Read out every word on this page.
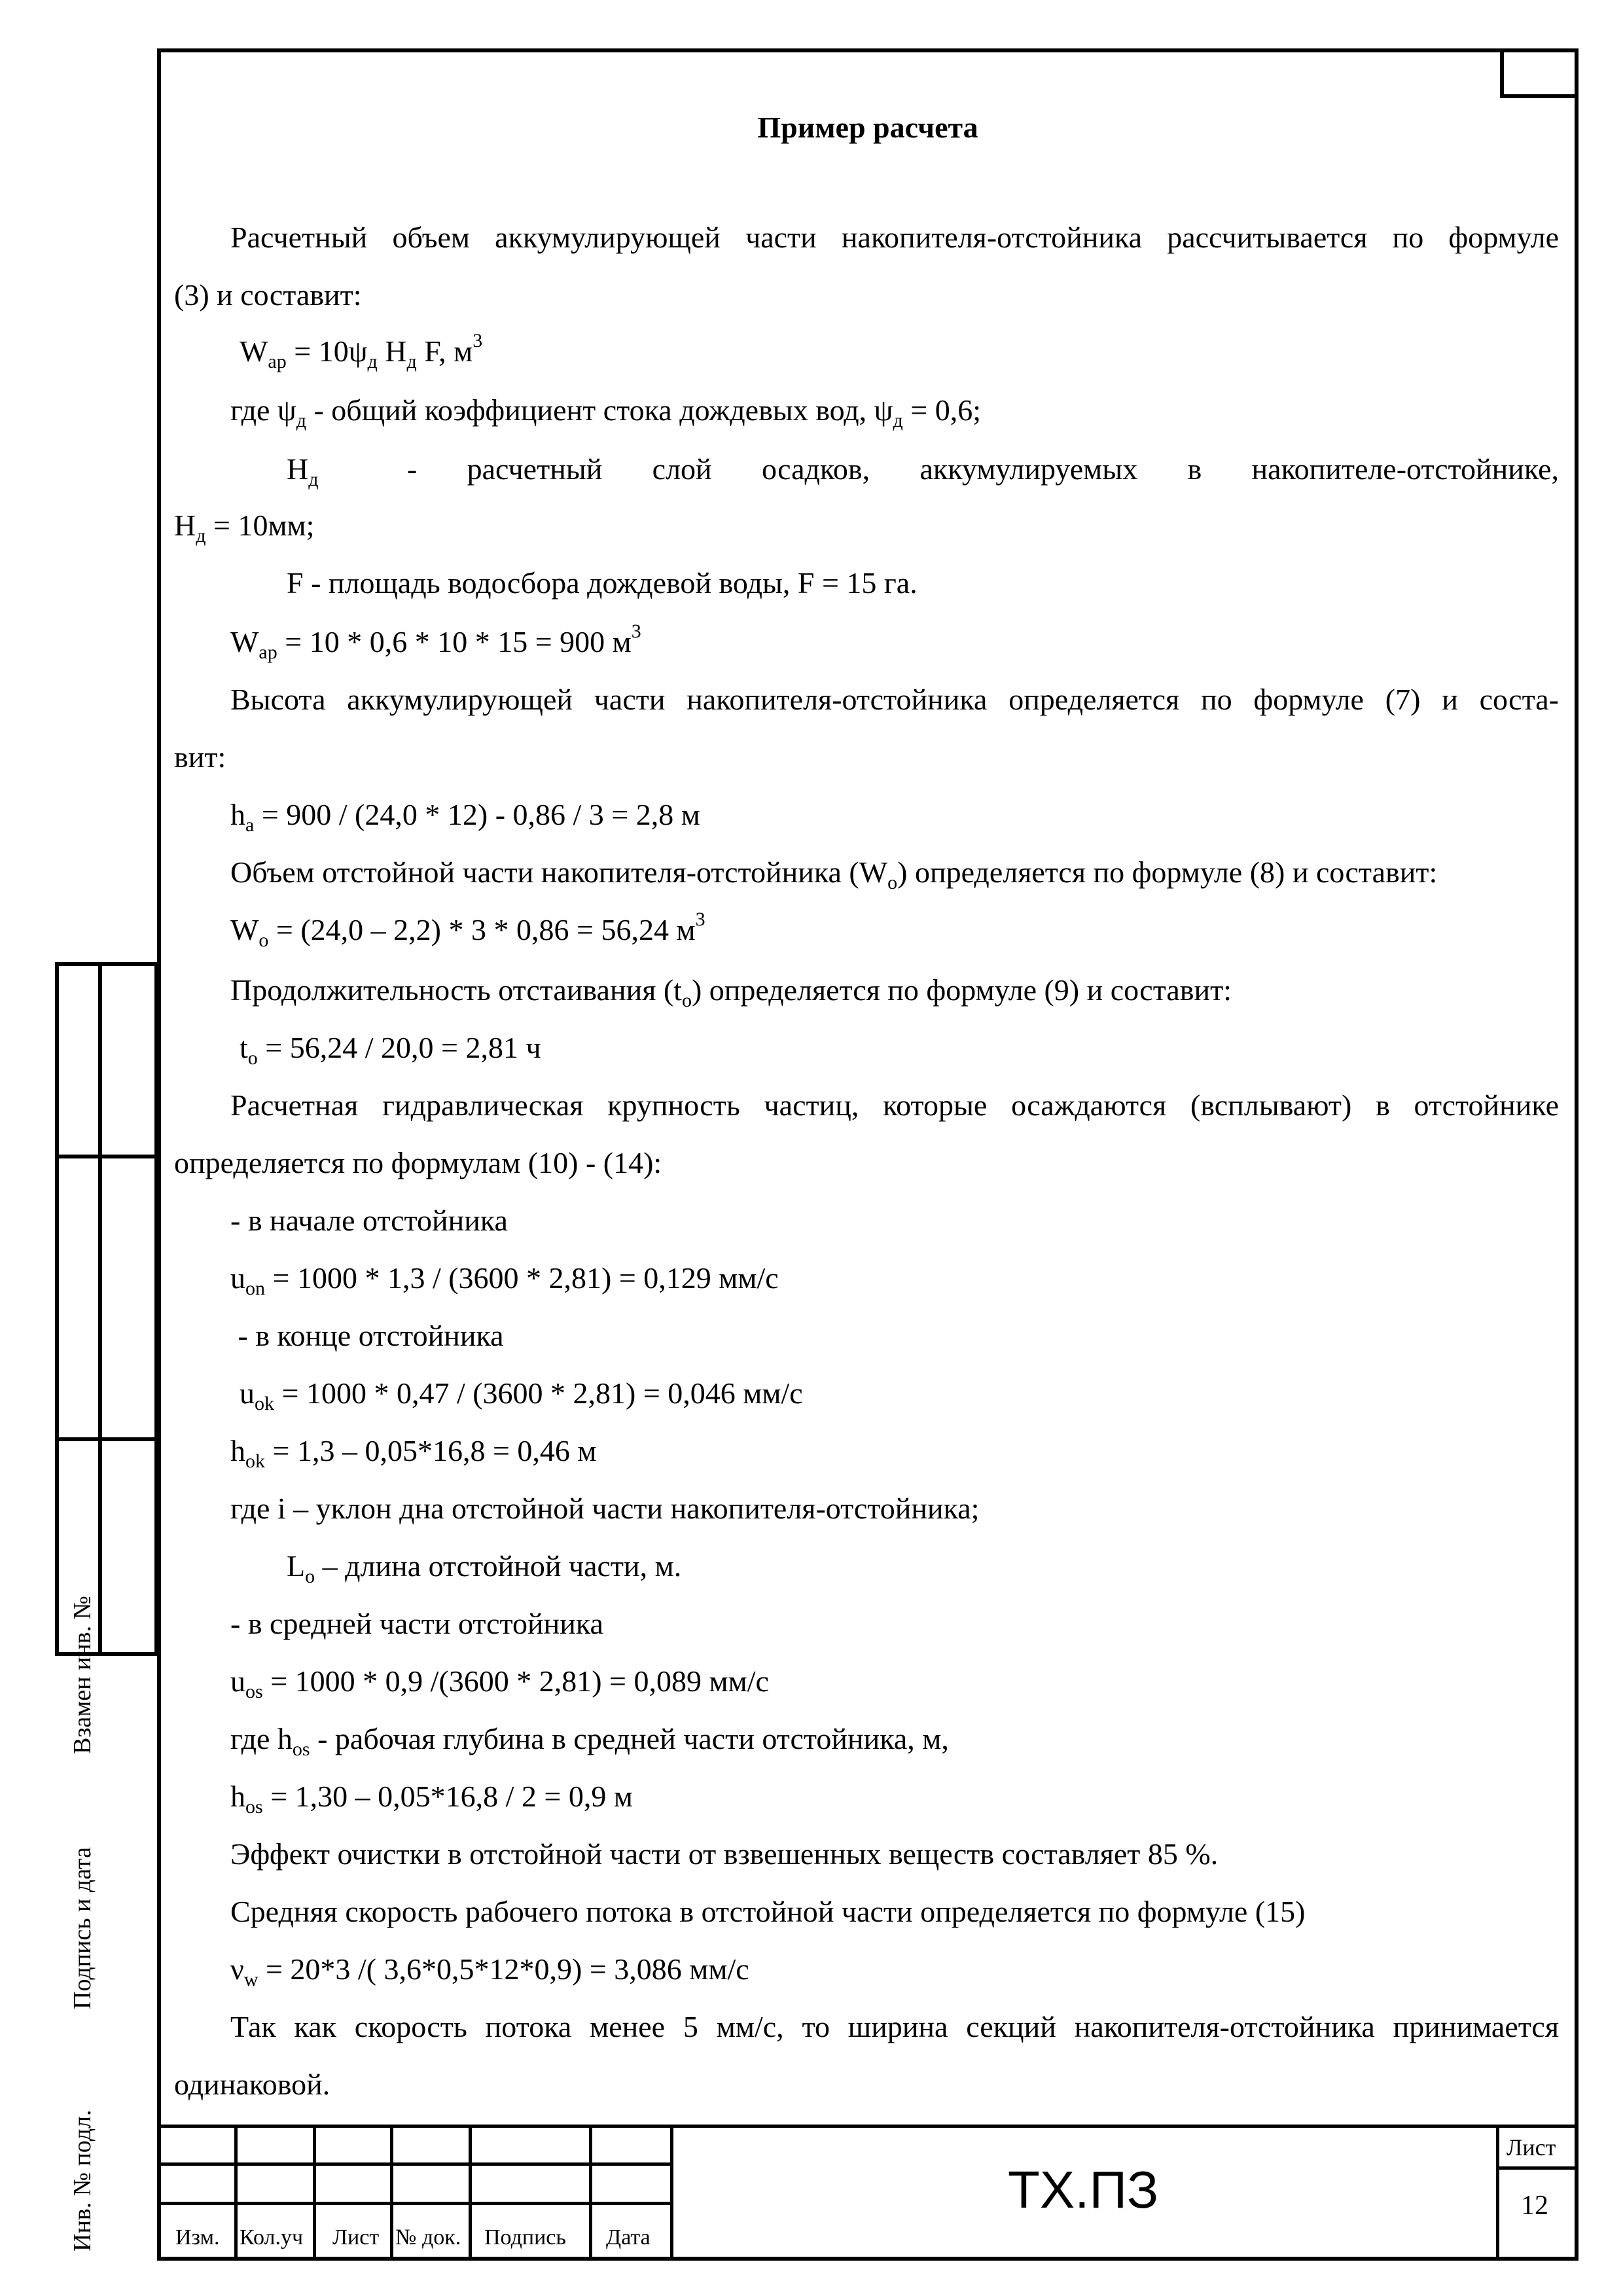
Пример расчета
Расчетный объем аккумулирующей части накопителя-отстойника рассчитывается по формуле
(3) и составит:
$W_{ар} = 10\psi_д$ $Н_д$ F, $м^3$
где $\psi_д$ - общий коэффициент стока дождевых вод, $\psi_д = 0,6$;
$Н_д$	- расчетный слой осадков, аккумулируемых в накопителе-отстойнике,
$Н_д = 10мм$;
F - площадь водосбора дождевой воды, F = 15 га.
$W_{ар} = 10 * 0,6 * 10 * 15 = 900$ $м^3$
Высота аккумулирующей части накопителя-отстойника определяется по формуле (7) и соста-
вит:
$h_a = 900 / (24,0 * 12) - 0,86 / 3 = 2,8$ м
Объем отстойной части накопителя-отстойника $(W_o)$ определяется по формуле (8) и составит:
$W_o = (24,0 - 2,2) * 3 * 0,86 = 56,24$ $м^3$
Продолжительность отстаивания $(t_o)$ определяется по формуле (9) и составит:
$t_o = 56,24 / 20,0 = 2,81$ ч
Расчетная гидравлическая крупность частиц, которые осаждаются (всплывают) в отстойнике
определяется по формулам (10) - (14):
- в начале отстойника
$u_{on} = 1000 * 1,3 / (3600 * 2,81) = 0,129$ мм/с
- в конце отстойника
$u_{ok} = 1000 * 0,47 / (3600 * 2,81) = 0,046$ мм/с
$h_{ok} = 1,3 - 0,05*16,8 = 0,46$ м
где i – уклон дна отстойной части накопителя-отстойника;
$L_o$ – длина отстойной части, м.
- в средней части отстойника
$u_{os} = 1000 * 0,9$ /(3600 * 2,81) = 0,089 мм/с
где $h_{os}$ - рабочая глубина в средней части отстойника, м,
$h_{os} = 1,30 - 0,05*16,8 / 2 = 0,9$ м
Эффект очистки в отстойной части от взвешенных веществ составляет 85 %.
Средняя скорость рабочего потока в отстойной части определяется по формуле (15)
$\nu_w = 20*3$ /( 3,6*0,5*12*0,9) = 3,086 мм/с
Так как скорость потока менее 5 мм/с, то ширина секций накопителя-отстойника принимается
одинаковой.
Взамен инв. №
Подпись и дата
Инв. № подл.	Изм. Кол.уч Лист № док. Подпись Дата
ТХ.ПЗ
Лист
12
